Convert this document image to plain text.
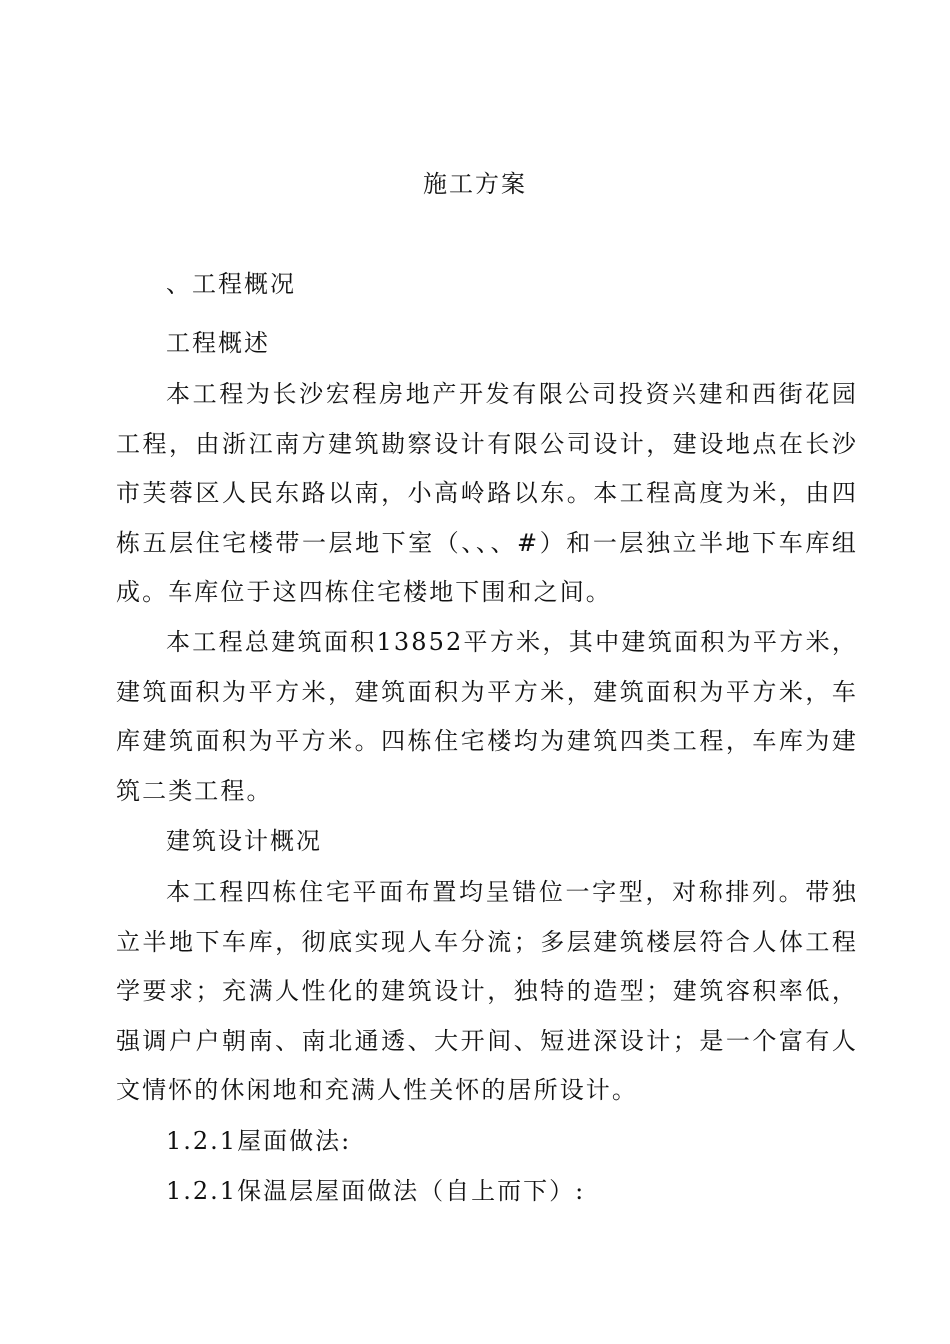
施工方案
、工程概况
工程概述

本工程为长沙宏程房地产开发有限公司投资兴建和西街花园工程，由浙江南方建筑勘察设计有限公司设计，建设地点在长沙市芙蓉区人民东路以南，小高岭路以东。本工程高度为米，由四栋五层住宅楼带一层地下室（、、、#）和一层独立半地下车库组成。车库位于这四栋住宅楼地下围和之间。

本工程总建筑面积13852平方米，其中建筑面积为平方米，建筑面积为平方米，建筑面积为平方米，建筑面积为平方米，车库建筑面积为平方米。四栋住宅楼均为建筑四类工程，车库为建筑二类工程。

建筑设计概况

本工程四栋住宅平面布置均呈错位一字型，对称排列。带独立半地下车库，彻底实现人车分流；多层建筑楼层符合人体工程学要求；充满人性化的建筑设计，独特的造型；建筑容积率低，强调户户朝南、南北通透、大开间、短进深设计；是一个富有人文情怀的休闲地和充满人性关怀的居所设计。

1.2.1屋面做法:
1.2.1保温层屋面做法（自上而下）:
